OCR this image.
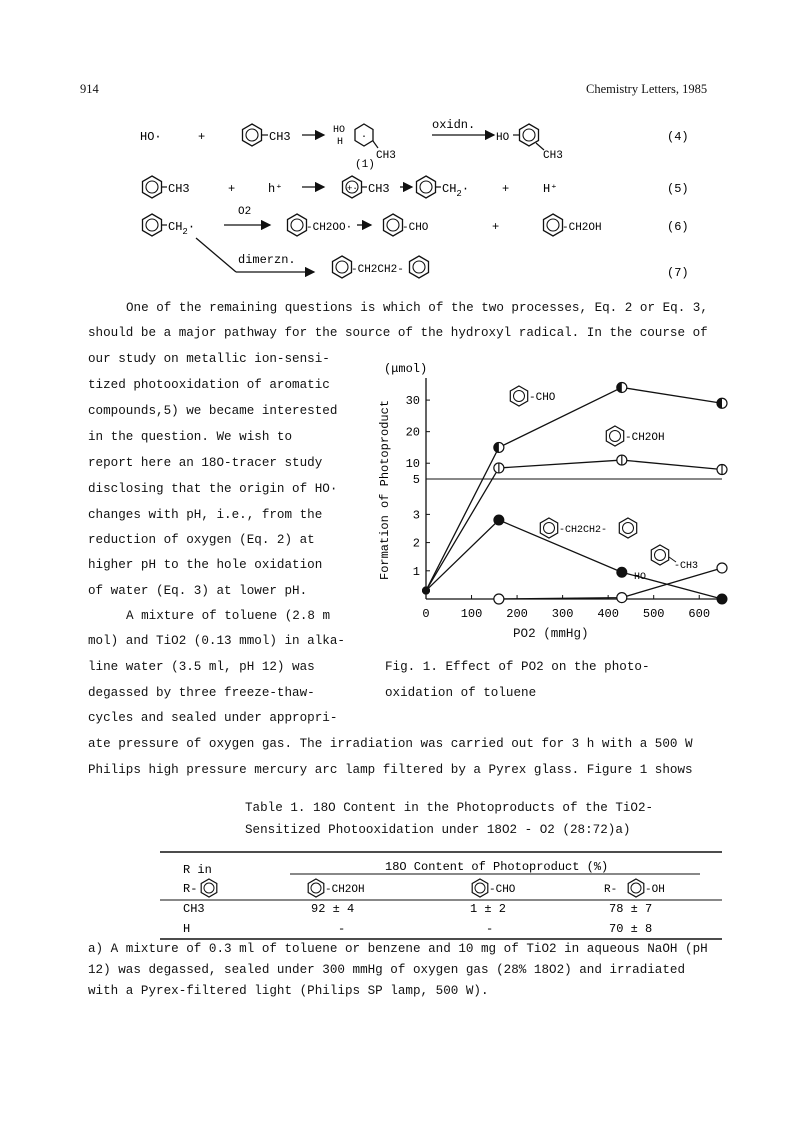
914	Chemistry Letters, 1985
HO·	+	CH3	HO
H ·
CH3
(1)
oxidn.
HO
CH3
(4)
CH3	+	h⁺	+· CH3	$CH_2\cdot$	+	H⁺	(5)
$CH_2\cdot$
O2
-CH2OO·	-CHO	+	-CH2OH	(6)
dimerzn.
-CH2CH2-	(7)
One of the remaining questions is which of the two processes, Eq. 2 or Eq. 3,
should be a major pathway for the source of the hydroxyl radical. In the course of
our study on metallic ion-sensi-
tized photooxidation of aromatic
compounds,5) we became interested
in the question. We wish to
report here an 18O-tracer study
disclosing that the origin of HO·
changes with pH, i.e., from the
reduction of oxygen (Eq. 2) at
higher pH to the hole oxidation
of water (Eq. 3) at lower pH.
A mixture of toluene (2.8 m
mol) and TiO2 (0.13 mmol) in alka-
line water (3.5 ml, pH 12) was
degassed by three freeze-thaw-
cycles and sealed under appropri-
ate pressure of oxygen gas. The irradiation was carried out for 3 h with a 500 W
Philips high pressure mercury arc lamp filtered by a Pyrex glass. Figure 1 shows
(μmol)
Formation of Photoproduct
0	100 200 300 400 500 600
5
10
20
30
1
2
3
-CHO
-CH2OH
-CH2CH2-
-CH3
HO
PO2 (mmHg)
Fig. 1. Effect of PO2 on the photo-
oxidation of toluene
Table 1. 18O Content in the Photoproducts of the TiO2-
Sensitized Photooxidation under 18O2 - O2 (28:72)a)
R in	18O Content of Photoproduct (%)
R-	-CH2OH	-CHO	R-	-OH
CH3	92 ± 4	1 ± 2	78 ± 7
H	-	-	70 ± 8
a) A mixture of 0.3 ml of toluene or benzene and 10 mg of TiO2 in aqueous NaOH (pH
12) was degassed, sealed under 300 mmHg of oxygen gas (28% 18O2) and irradiated
with a Pyrex-filtered light (Philips SP lamp, 500 W).
